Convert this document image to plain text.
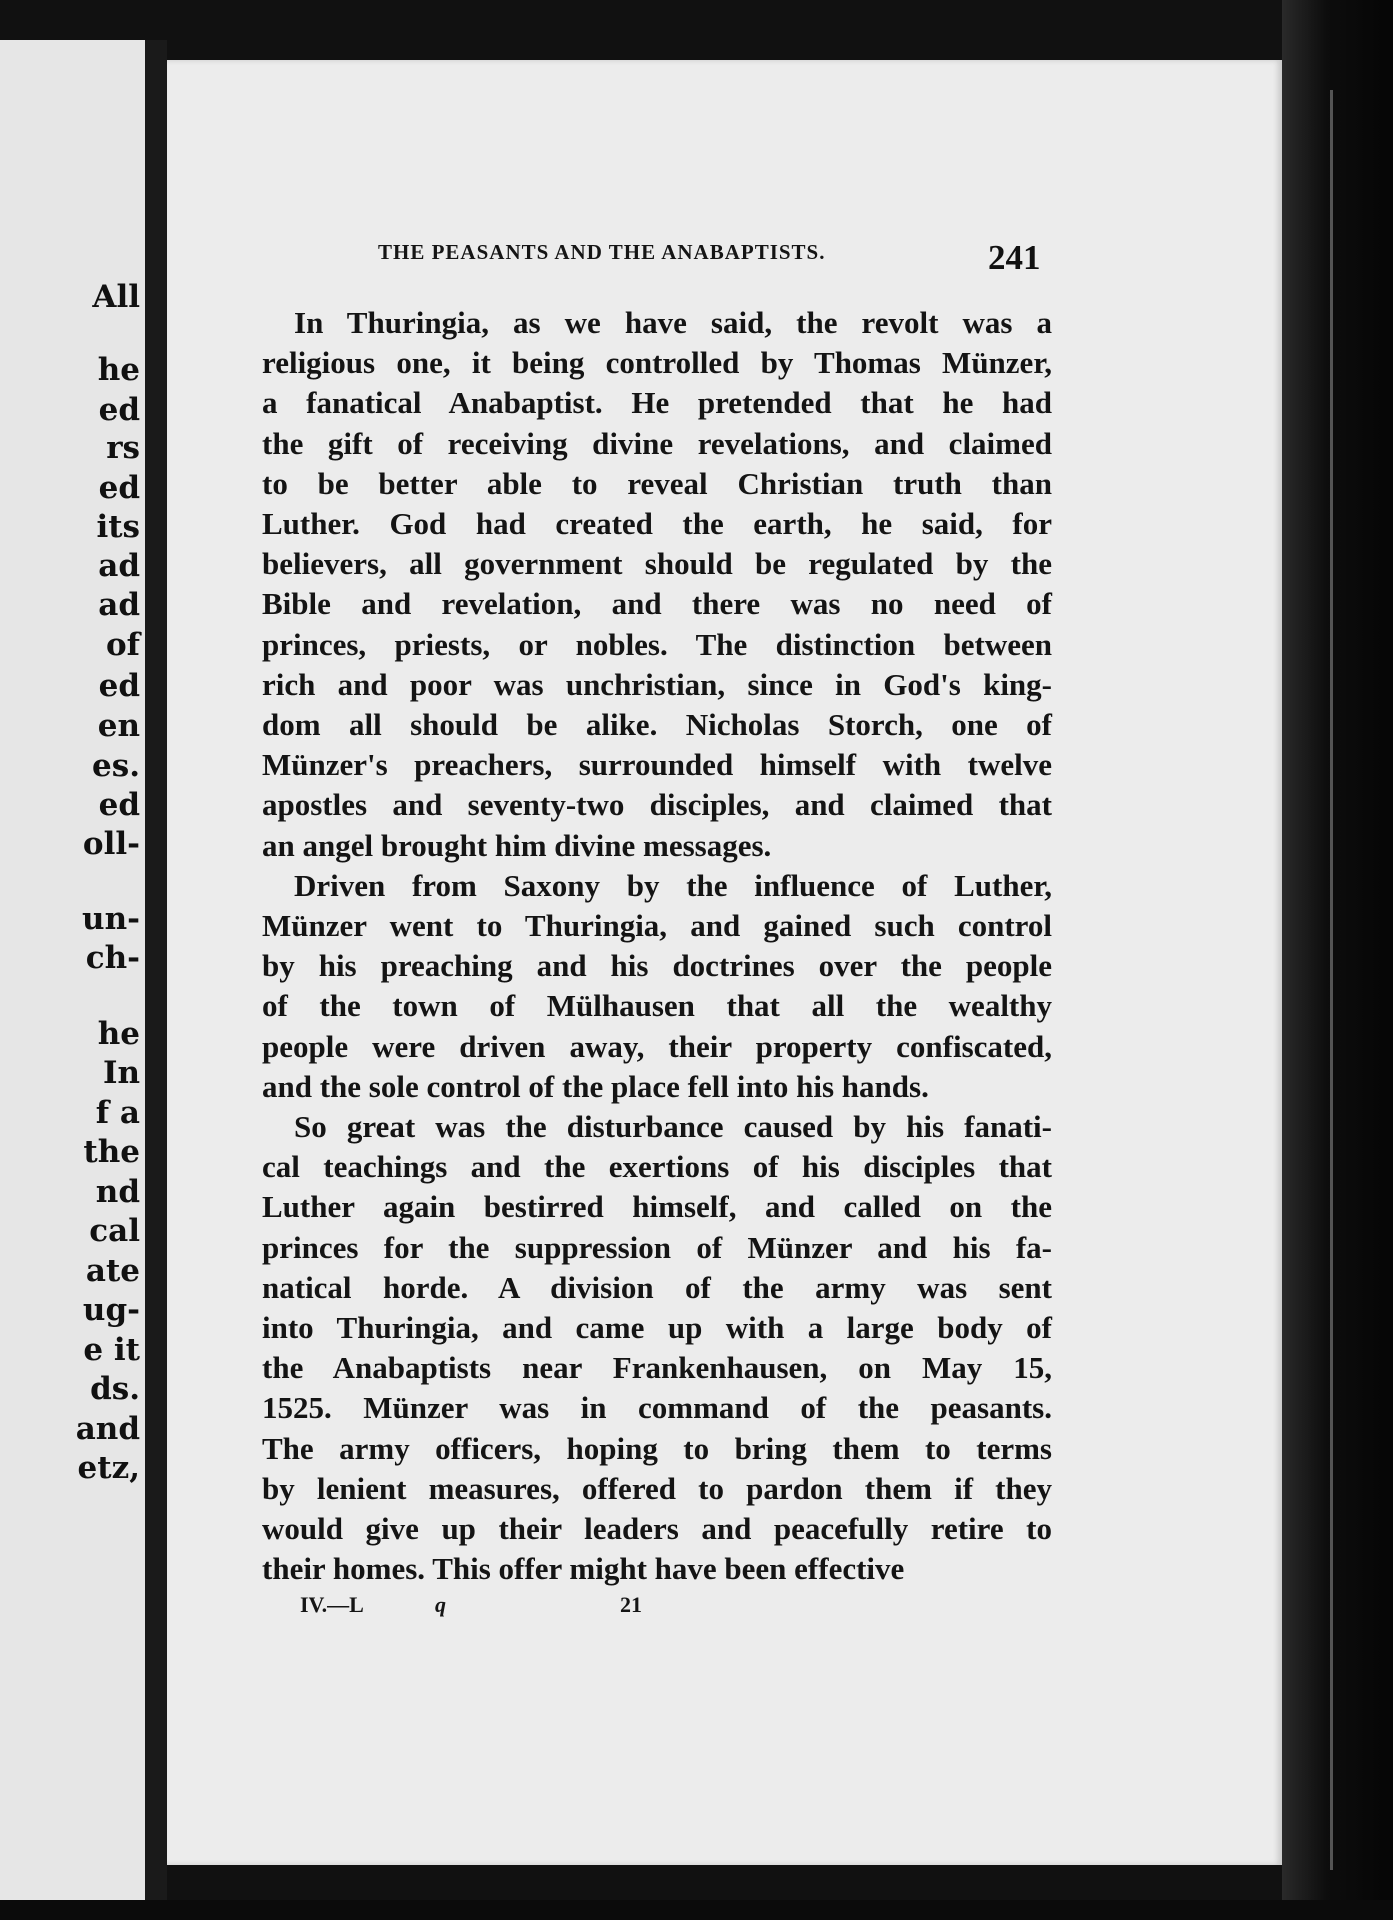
All
he
ed
rs
ed
its
ad
ad
of
ed
en
es.
ed
oll-
un-
ch-
he
In
f a
the
nd
cal
ate
ug-
e it
ds.
and
etz,
THE PEASANTS AND THE ANABAPTISTS.	241
In Thuringia, as we have said, the revolt was a
religious one, it being controlled by Thomas Münzer,
a fanatical Anabaptist. He pretended that he had
the gift of receiving divine revelations, and claimed
to be better able to reveal Christian truth than
Luther. God had created the earth, he said, for
believers, all government should be regulated by the
Bible and revelation, and there was no need of
princes, priests, or nobles. The distinction between
rich and poor was unchristian, since in God's king-
dom all should be alike. Nicholas Storch, one of
Münzer's preachers, surrounded himself with twelve
apostles and seventy-two disciples, and claimed that
an angel brought him divine messages.
Driven from Saxony by the influence of Luther,
Münzer went to Thuringia, and gained such control
by his preaching and his doctrines over the people
of the town of Mülhausen that all the wealthy
people were driven away, their property confiscated,
and the sole control of the place fell into his hands.
So great was the disturbance caused by his fanati-
cal teachings and the exertions of his disciples that
Luther again bestirred himself, and called on the
princes for the suppression of Münzer and his fa-
natical horde. A division of the army was sent
into Thuringia, and came up with a large body of
the Anabaptists near Frankenhausen, on May 15,
1525. Münzer was in command of the peasants.
The army officers, hoping to bring them to terms
by lenient measures, offered to pardon them if they
would give up their leaders and peacefully retire to
their homes. This offer might have been effective
IV.—L	q	21
